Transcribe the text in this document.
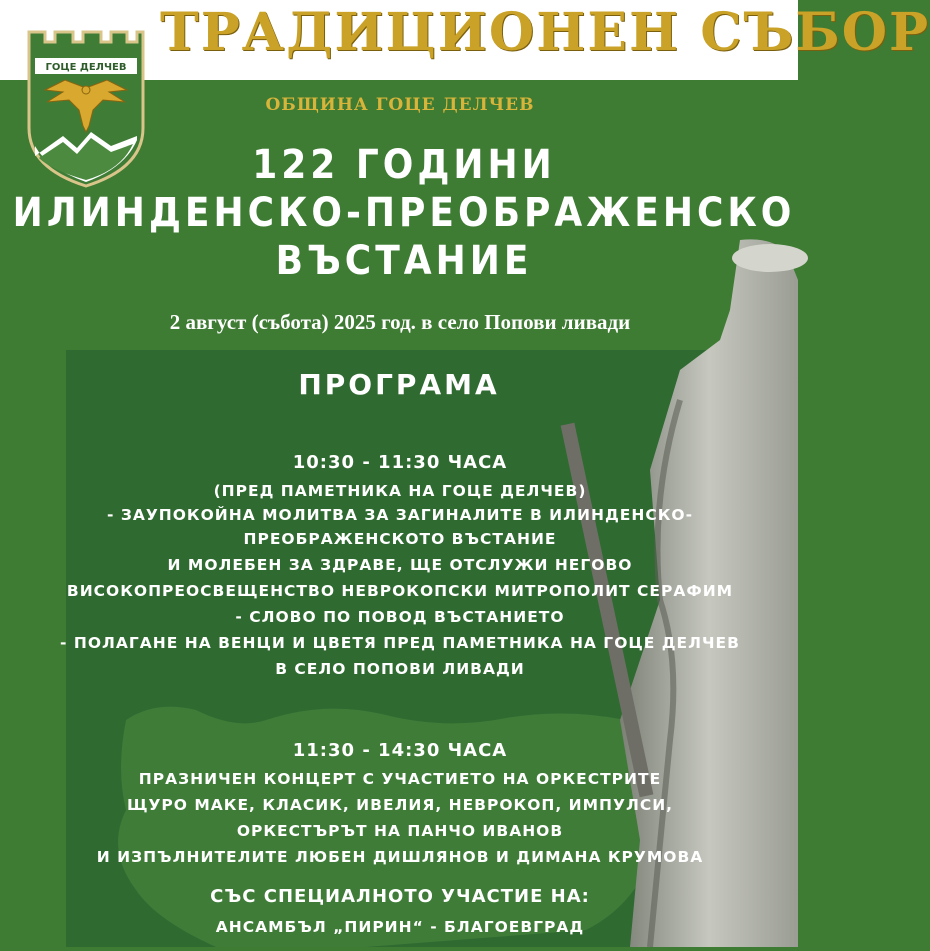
ТРАДИЦИОНЕН СЪБОР
ГОЦЕ ДЕЛЧЕВ
ОБЩИНА ГОЦЕ ДЕЛЧЕВ
122 ГОДИНИ
ИЛИНДЕНСКО-ПРЕОБРАЖЕНСКО
ВЪСТАНИЕ
2 август (събота) 2025 год. в село Попови ливади
ПРОГРАМА
10:30 - 11:30 ЧАСА
(ПРЕД ПАМЕТНИКА НА ГОЦЕ ДЕЛЧЕВ)
- ЗАУПОКОЙНА МОЛИТВА ЗА ЗАГИНАЛИТЕ В ИЛИНДЕНСКО-
ПРЕОБРАЖЕНСКОТО ВЪСТАНИЕ
И МОЛЕБЕН ЗА ЗДРАВЕ, ЩЕ ОТСЛУЖИ НЕГОВО
ВИСОКОПРЕОСВЕЩЕНСТВО НЕВРОКОПСКИ МИТРОПОЛИТ СЕРАФИМ
- СЛОВО ПО ПОВОД ВЪСТАНИЕТО
- ПОЛАГАНЕ НА ВЕНЦИ И ЦВЕТЯ ПРЕД ПАМЕТНИКА НА ГОЦЕ ДЕЛЧЕВ
В СЕЛО ПОПОВИ ЛИВАДИ
11:30 - 14:30 ЧАСА
ПРАЗНИЧЕН КОНЦЕРТ С УЧАСТИЕТО НА ОРКЕСТРИТЕ
ЩУРО МАКЕ, КЛАСИК, ИВЕЛИЯ, НЕВРОКОП, ИМПУЛСИ,
ОРКЕСТЪРЪТ НА ПАНЧО ИВАНОВ
И ИЗПЪЛНИТЕЛИТЕ ЛЮБЕН ДИШЛЯНОВ И ДИМАНА КРУМОВА
СЪС СПЕЦИАЛНОТО УЧАСТИЕ НА:
АНСАМБЪЛ „ПИРИН“ - БЛАГОЕВГРАД
